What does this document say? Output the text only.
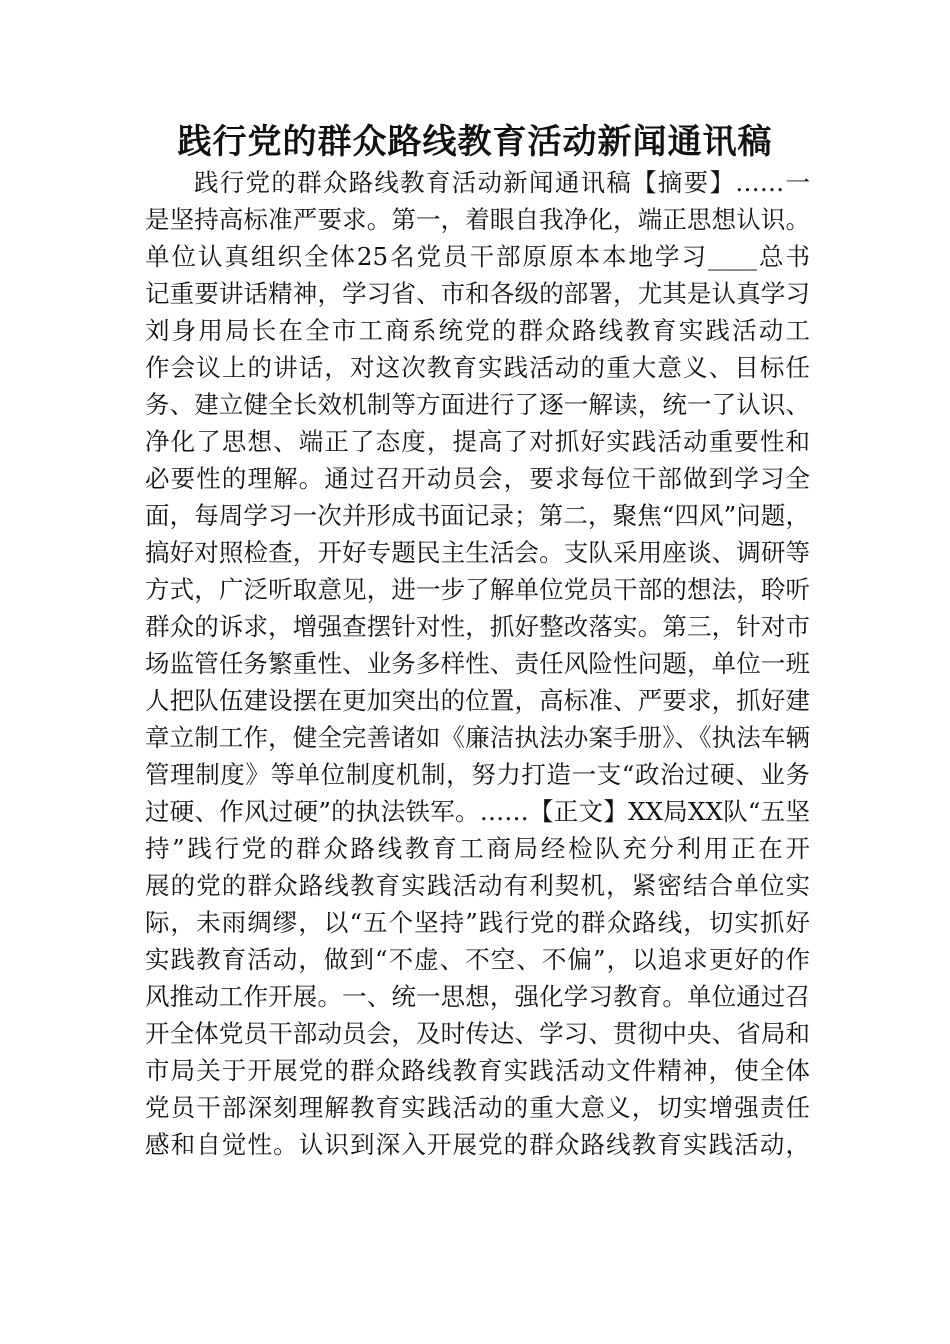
践行党的群众路线教育活动新闻通讯稿
践行党的群众路线教育活动新闻通讯稿【摘要】……一
是坚持高标准严要求。第一，着眼自我净化，端正思想认识。
单位认真组织全体25名党员干部原原本本地学习____总书
记重要讲话精神，学习省、市和各级的部署，尤其是认真学习
刘身用局长在全市工商系统党的群众路线教育实践活动工
作会议上的讲话，对这次教育实践活动的重大意义、目标任
务、建立健全长效机制等方面进行了逐一解读，统一了认识、
净化了思想、端正了态度，提高了对抓好实践活动重要性和
必要性的理解。通过召开动员会，要求每位干部做到学习全
面，每周学习一次并形成书面记录；第二，聚焦“四风”问题，
搞好对照检查，开好专题民主生活会。支队采用座谈、调研等
方式，广泛听取意见，进一步了解单位党员干部的想法，聆听
群众的诉求，增强查摆针对性，抓好整改落实。第三，针对市
场监管任务繁重性、业务多样性、责任风险性问题，单位一班
人把队伍建设摆在更加突出的位置，高标准、严要求，抓好建
章立制工作，健全完善诸如《廉洁执法办案手册》、《执法车辆
管理制度》等单位制度机制，努力打造一支“政治过硬、业务
过硬、作风过硬”的执法铁军。……【正文】XX局XX队“五坚
持”践行党的群众路线教育工商局经检队充分利用正在开
展的党的群众路线教育实践活动有利契机，紧密结合单位实
际，未雨绸缪，以“五个坚持”践行党的群众路线，切实抓好
实践教育活动，做到“不虚、不空、不偏”，以追求更好的作
风推动工作开展。一、统一思想，强化学习教育。单位通过召
开全体党员干部动员会，及时传达、学习、贯彻中央、省局和
市局关于开展党的群众路线教育实践活动文件精神，使全体
党员干部深刻理解教育实践活动的重大意义，切实增强责任
感和自觉性。认识到深入开展党的群众路线教育实践活动，
